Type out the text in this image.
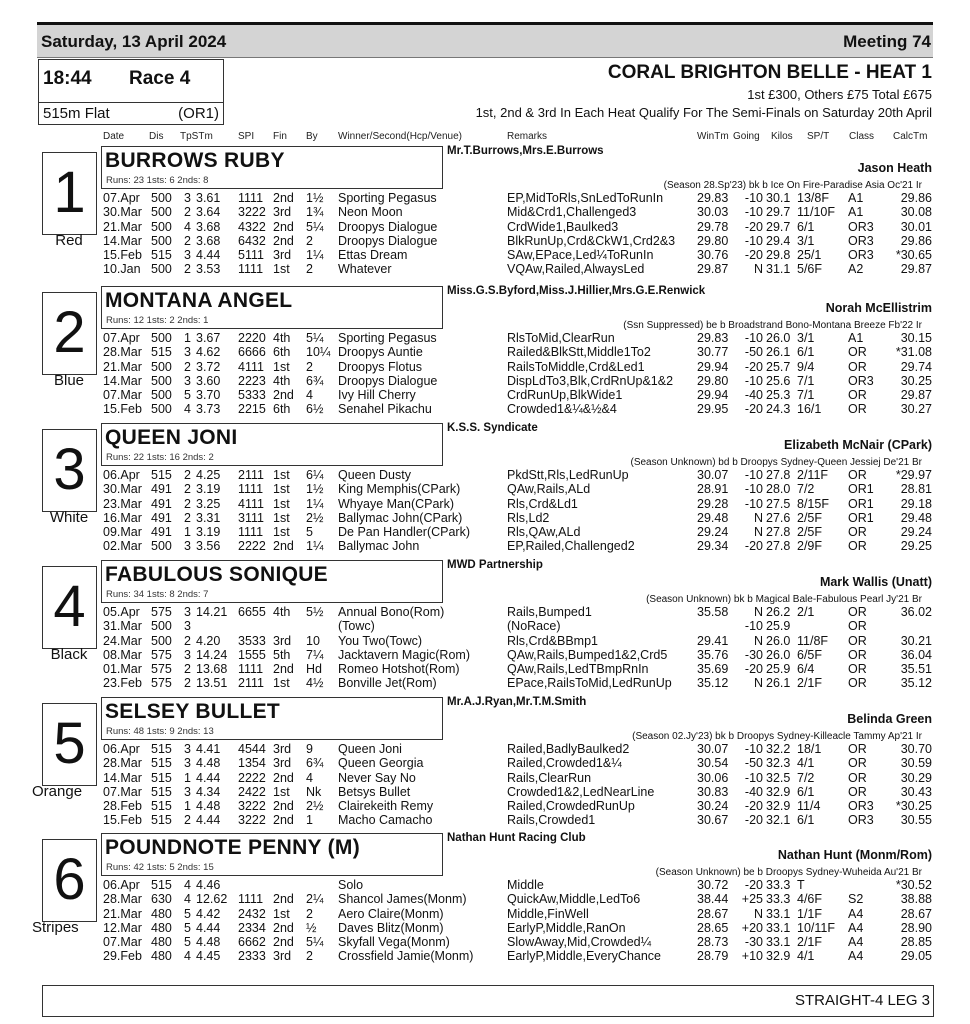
Saturday, 13 April 2024	Meeting 74
18:44 Race 4
515m Flat	(OR1)
CORAL BRIGHTON BELLE - HEAT 1
1st £300, Others £75 Total £675
1st, 2nd & 3rd In Each Heat Qualify For The Semi-Finals on Saturday 20th April
Date Dis TpSTm	SPI Fin By Winner/Second(Hcp/Venue)	Remarks	WinTm Going Kilos SP/T Class CalcTm
1
Red
BURROWS RUBY
Runs: 23 1sts: 6 2nds: 8
Mr.T.Burrows,Mrs.E.Burrows
Jason Heath
(Season 28.Sp'23) bk b Ice On Fire-Paradise Asia Oc'21 Ir
07.Apr 500 3 3.61 1111 2nd 1½ Sporting Pegasus	EP,MidToRls,SnLedToRunIn	29.83	-10 30.1 13/8F A1	29.86
30.Mar 500 2 3.64 3222 3rd 1¾ Neon Moon	Mid&Crd1,Challenged3	30.03	-10 29.7 11/10F A1	30.08
21.Mar 500 4 3.68 4322 2nd 5¼ Droopys Dialogue	CrdWide1,Baulked3	29.78	-20 29.7 6/1	OR3	30.01
14.Mar 500 2 3.68 6432 2nd 2 Droopys Dialogue	BlkRunUp,Crd&CkW1,Crd2&3 29.80	-10 29.4 3/1	OR3	29.86
15.Feb 515 3 4.44 5111 3rd 1¼ Ettas Dream	SAw,EPace,Led¼ToRunIn	30.76	-20 29.8 25/1 OR3	*30.65
10.Jan 500 2 3.53 1111 1st 2 Whatever	VQAw,Railed,AlwaysLed	29.87	N 31.1 5/6F A2	29.87
2
Blue
MONTANA ANGEL
Runs: 12 1sts: 2 2nds: 1
Miss.G.S.Byford,Miss.J.Hillier,Mrs.G.E.Renwick
Norah McEllistrim
(Ssn Suppressed) be b Broadstrand Bono-Montana Breeze Fb'22 Ir
07.Apr 500 1 3.67 2220 4th 5¼ Sporting Pegasus	RlsToMid,ClearRun	29.83	-10 26.0 3/1	A1	30.15
28.Mar 515 3 4.62 6666 6th 10¼ Droopys Auntie	Railed&BlkStt,Middle1To2	30.77	-50 26.1 6/1	OR	*31.08
21.Mar 500 2 3.72 4111 1st 2 Droopys Flotus	RailsToMiddle,Crd&Led1	29.94	-20 25.7 9/4	OR	29.74
14.Mar 500 3 3.60 2223 4th 6¾ Droopys Dialogue	DispLdTo3,Blk,CrdRnUp&1&2 29.80	-10 25.6 7/1	OR3	30.25
07.Mar 500 5 3.70 5333 2nd 4 Ivy Hill Cherry	CrdRunUp,BlkWide1	29.94	-40 25.3 7/1	OR	29.87
15.Feb 500 4 3.73 2215 6th 6½ Senahel Pikachu	Crowded1&¼&½&4	29.95	-20 24.3 16/1 OR	30.27
3
White
QUEEN JONI
Runs: 22 1sts: 16 2nds: 2
K.S.S. Syndicate
Elizabeth McNair (CPark)
(Season Unknown) bd b Droopys Sydney-Queen Jessiej De'21 Br
06.Apr 515 2 4.25 2111 1st 6¼ Queen Dusty	PkdStt,Rls,LedRunUp	30.07	-10 27.8 2/11F OR	*29.97
30.Mar 491 2 3.19 1111 1st 1½ King Memphis(CPark)	QAw,Rails,ALd	28.91	-10 28.0 7/2	OR1	28.81
23.Mar 491 2 3.25 4111 1st 1¼ Whyaye Man(CPark)	Rls,Crd&Ld1	29.28	-10 27.5 8/15F OR1	29.18
16.Mar 491 2 3.31 3111 1st 2½ Ballymac John(CPark)	Rls,Ld2	29.48	N 27.6 2/5F OR1	29.48
09.Mar 491 1 3.19 1111 1st 5 De Pan Handler(CPark)	Rls,QAw,ALd	29.24	N 27.8 2/5F OR	29.24
02.Mar 500 3 3.56 2222 2nd 1¼ Ballymac John	EP,Railed,Challenged2	29.34	-20 27.8 2/9F OR	29.25
4
Black
FABULOUS SONIQUE
Runs: 34 1sts: 8 2nds: 7
MWD Partnership
Mark Wallis (Unatt)
(Season Unknown) bk b Magical Bale-Fabulous Pearl Jy'21 Br
05.Apr 575 3 14.21 6655 4th 5½ Annual Bono(Rom)	Rails,Bumped1	35.58	N 26.2 2/1	OR	36.02
31.Mar 500 3	(Towc)	(NoRace)	-10 25.9	OR
24.Mar 500 2 4.20 3533 3rd 10 You Two(Towc)	Rls,Crd&BBmp1	29.41	N 26.0 11/8F OR	30.21
08.Mar 575 3 14.24 1555 5th 7¼ Jacktavern Magic(Rom)	QAw,Rails,Bumped1&2,Crd5 35.76	-30 26.0 6/5F OR	36.04
01.Mar 575 2 13.68 1111 2nd Hd Romeo Hotshot(Rom)	QAw,Rails,LedTBmpRnIn	35.69	-20 25.9 6/4	OR	35.51
23.Feb 575 2 13.51 2111 1st 4½ Bonville Jet(Rom)	EPace,RailsToMid,LedRunUp 35.12	N 26.1 2/1F OR	35.12
5
Orange
SELSEY BULLET
Runs: 48 1sts: 9 2nds: 13
Mr.A.J.Ryan,Mr.T.M.Smith
Belinda Green
(Season 02.Jy'23) bk b Droopys Sydney-Killeacle Tammy Ap'21 Ir
06.Apr 515 3 4.41 4544 3rd 9 Queen Joni	Railed,BadlyBaulked2	30.07	-10 32.2 18/1 OR	30.70
28.Mar 515 3 4.48 1354 3rd 6¾ Queen Georgia	Railed,Crowded1&¼	30.54	-50 32.3 4/1	OR	30.59
14.Mar 515 1 4.44 2222 2nd 4 Never Say No	Rails,ClearRun	30.06	-10 32.5 7/2	OR	30.29
07.Mar 515 3 4.34 2422 1st Nk Betsys Bullet	Crowded1&2,LedNearLine	30.83	-40 32.9 6/1	OR	30.43
28.Feb 515 1 4.48 3222 2nd 2½ Clairekeith Remy	Railed,CrowdedRunUp	30.24	-20 32.9 11/4 OR3	*30.25
15.Feb 515 2 4.44 3222 2nd 1 Macho Camacho	Rails,Crowded1	30.67	-20 32.1 6/1	OR3	30.55
6
Stripes
POUNDNOTE PENNY (M)
Runs: 42 1sts: 5 2nds: 15
Nathan Hunt Racing Club
Nathan Hunt (Monm/Rom)
(Season Unknown) be b Droopys Sydney-Wuheida Au'21 Br
06.Apr 515 4 4.46	Solo	Middle	30.72	-20 33.3 T	*30.52
28.Mar 630 4 12.62 1111 2nd 2¼ Shancol James(Monm)	QuickAw,Middle,LedTo6	38.44	+25 33.3 4/6F S2	38.88
21.Mar 480 5 4.42 2432 1st 2 Aero Claire(Monm)	Middle,FinWell	28.67	N 33.1 1/1F A4	28.67
12.Mar 480 5 4.44 2334 2nd ½ Daves Blitz(Monm)	EarlyP,Middle,RanOn	28.65	+20 33.1 10/11F A4	28.90
07.Mar 480 5 4.48 6662 2nd 5¼ Skyfall Vega(Monm)	SlowAway,Mid,Crowded¼	28.73	-30 33.1 2/1F A4	28.85
29.Feb 480 4 4.45 2333 3rd 2 Crossfield Jamie(Monm)	EarlyP,Middle,EveryChance	28.79	+10 32.9 4/1	A4	29.05
STRAIGHT-4 LEG 3
